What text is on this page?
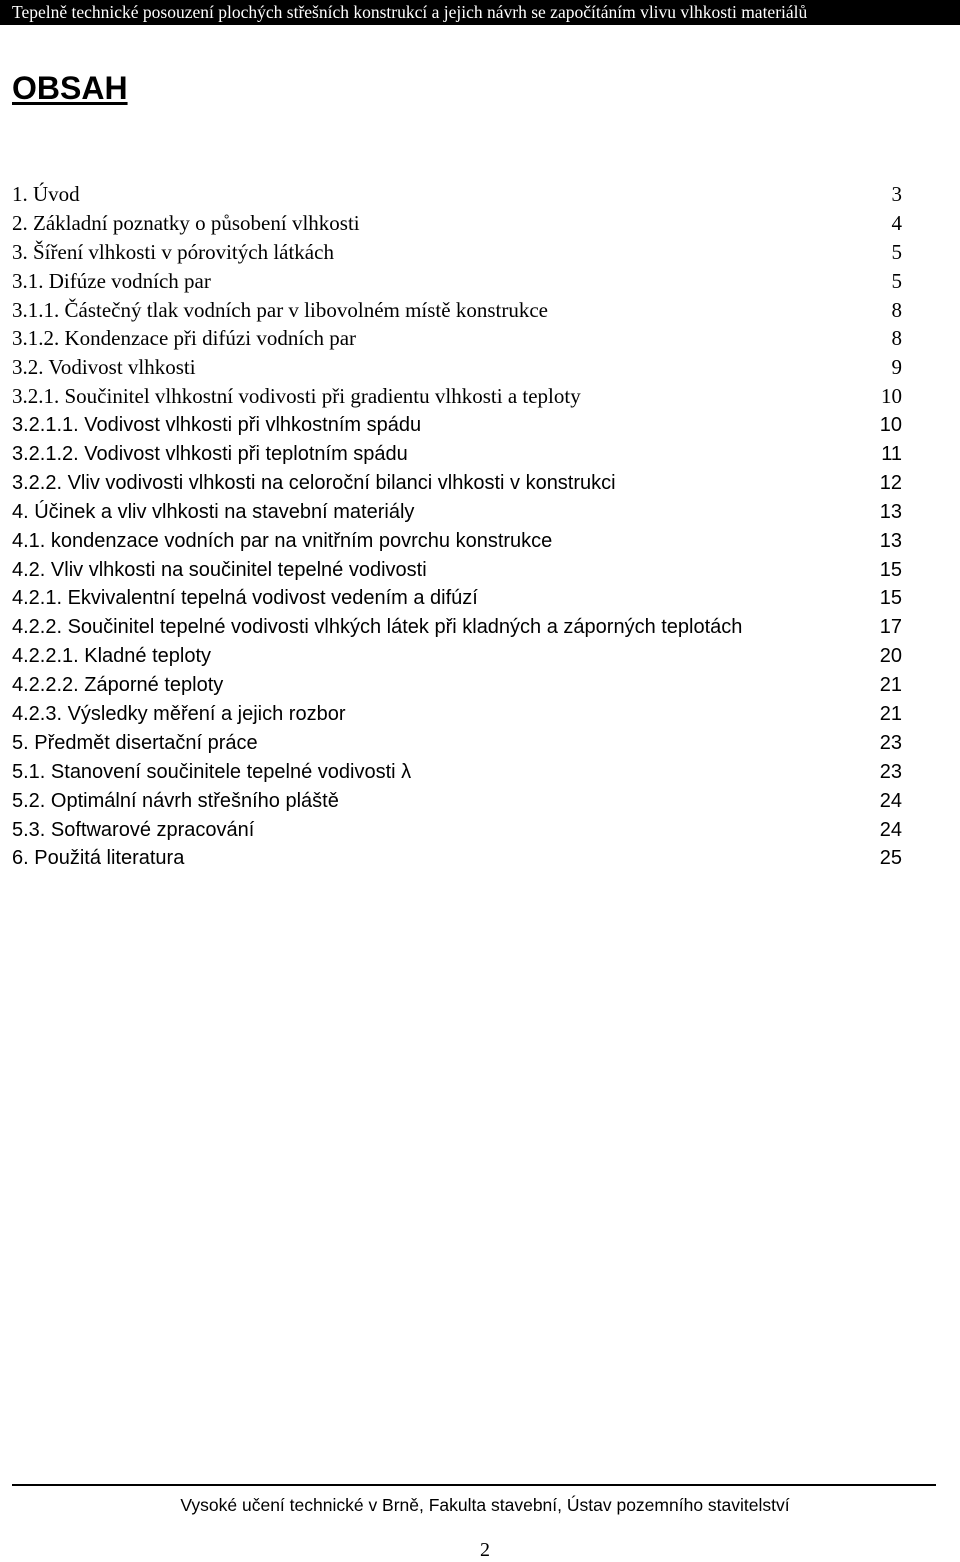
Tepelně technické posouzení plochých střešních konstrukcí a jejich návrh se započítáním vlivu vlhkosti materiálů
OBSAH
1. Úvod	3
2. Základní poznatky o působení vlhkosti	4
3. Šíření vlhkosti v pórovitých látkách	5
3.1. Difúze vodních par	5
3.1.1. Částečný tlak vodních par v libovolném místě konstrukce	8
3.1.2. Kondenzace při difúzi vodních par	8
3.2. Vodivost vlhkosti	9
3.2.1. Součinitel vlhkostní vodivosti při gradientu vlhkosti a teploty	10
3.2.1.1. Vodivost vlhkosti při vlhkostním spádu	10
3.2.1.2. Vodivost vlhkosti při teplotním spádu	11
3.2.2. Vliv vodivosti vlhkosti na celoroční bilanci vlhkosti v konstrukci	12
4. Účinek a vliv vlhkosti na stavební materiály	13
4.1. kondenzace vodních par na vnitřním povrchu konstrukce	13
4.2. Vliv vlhkosti na součinitel tepelné vodivosti	15
4.2.1. Ekvivalentní tepelná vodivost vedením a difúzí	15
4.2.2. Součinitel tepelné vodivosti vlhkých látek při kladných a záporných teplotách	17
4.2.2.1. Kladné teploty	20
4.2.2.2. Záporné teploty	21
4.2.3. Výsledky měření a jejich rozbor	21
5. Předmět disertační práce	23
5.1. Stanovení součinitele tepelné vodivosti λ	23
5.2. Optimální návrh střešního pláště	24
5.3. Softwarové zpracování	24
6. Použitá literatura	25
Vysoké učení technické v Brně, Fakulta stavební, Ústav pozemního stavitelství
2
